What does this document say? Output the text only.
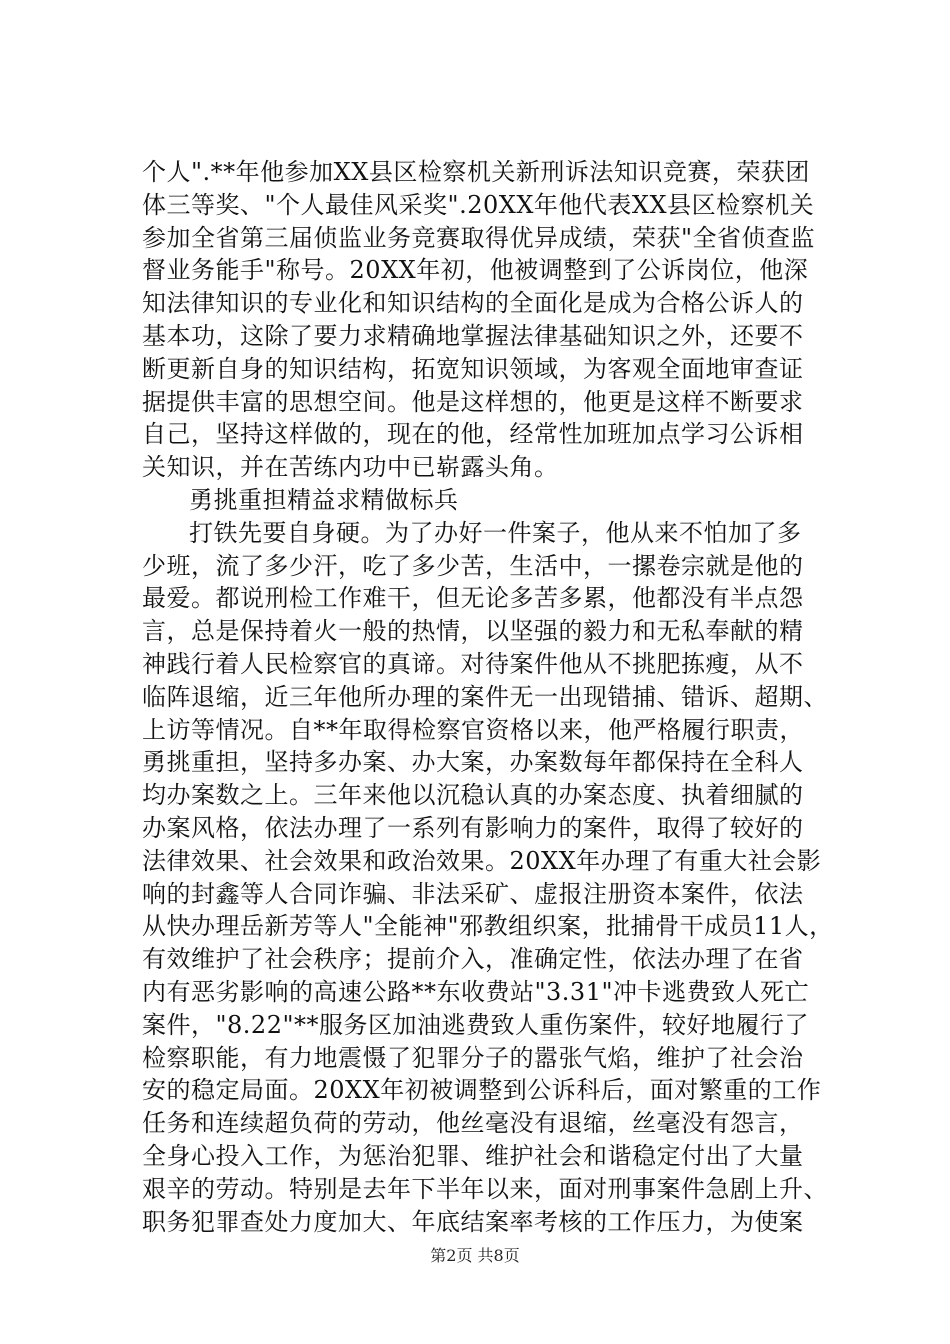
个人".**年他参加XX县区检察机关新刑诉法知识竞赛，荣获团
体三等奖、"个人最佳风采奖".20XX年他代表XX县区检察机关
参加全省第三届侦监业务竞赛取得优异成绩，荣获"全省侦查监
督业务能手"称号。20XX年初，他被调整到了公诉岗位，他深
知法律知识的专业化和知识结构的全面化是成为合格公诉人的
基本功，这除了要力求精确地掌握法律基础知识之外，还要不
断更新自身的知识结构，拓宽知识领域，为客观全面地审查证
据提供丰富的思想空间。他是这样想的，他更是这样不断要求
自己，坚持这样做的，现在的他，经常性加班加点学习公诉相
关知识，并在苦练内功中已崭露头角。
勇挑重担精益求精做标兵
打铁先要自身硬。为了办好一件案子，他从来不怕加了多
少班，流了多少汗，吃了多少苦，生活中，一摞卷宗就是他的
最爱。都说刑检工作难干，但无论多苦多累，他都没有半点怨
言，总是保持着火一般的热情，以坚强的毅力和无私奉献的精
神践行着人民检察官的真谛。对待案件他从不挑肥拣瘦，从不
临阵退缩，近三年他所办理的案件无一出现错捕、错诉、超期、
上访等情况。自**年取得检察官资格以来，他严格履行职责，
勇挑重担，坚持多办案、办大案，办案数每年都保持在全科人
均办案数之上。三年来他以沉稳认真的办案态度、执着细腻的
办案风格，依法办理了一系列有影响力的案件，取得了较好的
法律效果、社会效果和政治效果。20XX年办理了有重大社会影
响的封鑫等人合同诈骗、非法采矿、虚报注册资本案件，依法
从快办理岳新芳等人"全能神"邪教组织案，批捕骨干成员11人，
有效维护了社会秩序；提前介入，准确定性，依法办理了在省
内有恶劣影响的高速公路**东收费站"3.31"冲卡逃费致人死亡
案件，"8.22"**服务区加油逃费致人重伤案件，较好地履行了
检察职能，有力地震慑了犯罪分子的嚣张气焰，维护了社会治
安的稳定局面。20XX年初被调整到公诉科后，面对繁重的工作
任务和连续超负荷的劳动，他丝毫没有退缩，丝毫没有怨言，
全身心投入工作，为惩治犯罪、维护社会和谐稳定付出了大量
艰辛的劳动。特别是去年下半年以来，面对刑事案件急剧上升、
职务犯罪查处力度加大、年底结案率考核的工作压力，为使案
第2页 共8页
